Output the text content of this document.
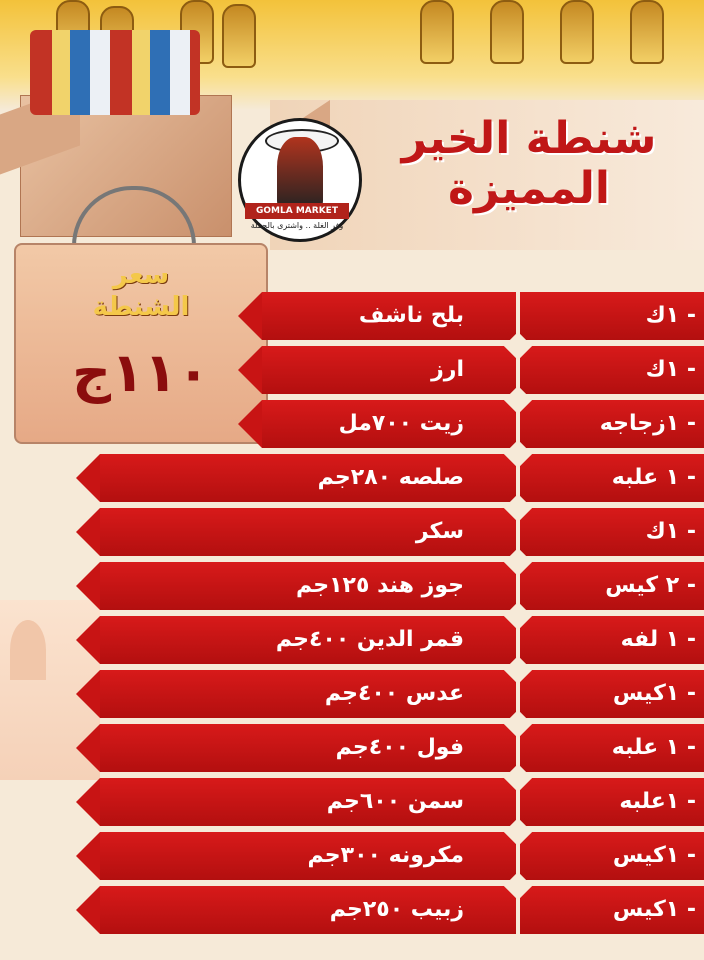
شنطة الخير
المميزة
GOMLA MARKET
وفر الغلة .. واشترى بالجملة
سعر
الشنطة
١١٠ج
- ١ك
بلح ناشف
- ١ك
ارز
- ١زجاجه
زيت ٧٠٠مل
- ١ علبه
صلصه ٢٨٠جم
- ١ك
سكر
- ٢ كيس
جوز هند ١٢٥جم
- ١ لفه
قمر الدين ٤٠٠جم
- ١كيس
عدس ٤٠٠جم
- ١ علبه
فول ٤٠٠جم
- ١علبه
سمن ٦٠٠جم
- ١كيس
مكرونه ٣٠٠جم
- ١كيس
زبيب ٢٥٠جم
